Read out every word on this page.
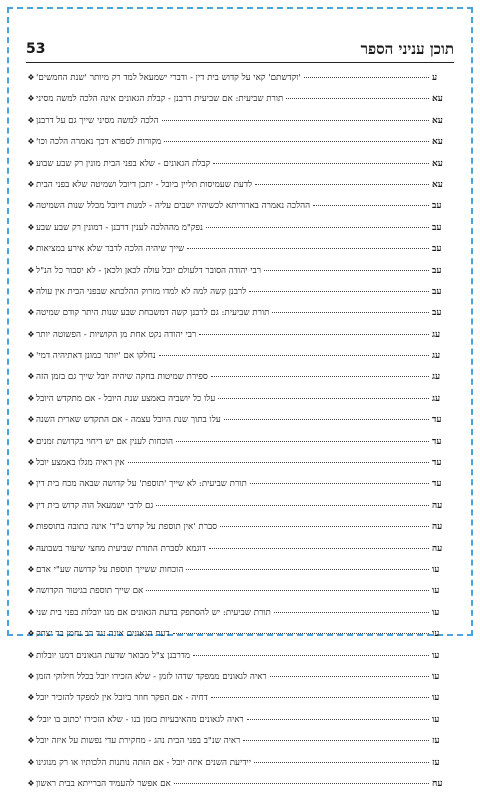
53	תוכן עניני הספר
❖ 'וקדשתם' קאי על קדוש בית דין - ודברי ישמעאל למד רק מיותר 'שנת החמשים'	ע
❖ תורת שביעית: אם שביעית דרבנן - קבלת הגאונים אינה הלכה למשה מסיני	עא
❖ הלכה למשה מסיני שייך גם על דרבנן	עא
❖ מקורות לספרא דכך נאמרה הלכה וכו'	עא
❖ קבלת הגאונים - שלא בפני הבית מונין רק שבע שבוע	עא
❖ לדעת שעמיסות תליין ביובל - יתכן דיובל ושמיטה שלא בפני הבית	עא
❖ ההלכה נאמרה בארוריתא לכשיהיו ישבים עליה - למנות דיובל מכלל שנות השמיטה	עב
❖ נפק"מ מההלכה לענין דרבנן - דמונין רק שבע שבע	עב
❖ שייך שיהיה הלכה לדבר שלא אירע במציאות	עב
❖ רבי יהודה הסובר דלעולם יובל עולה לכאן ולכאן - לא יסבור כל הנ"ל	עב
❖ לרבנן קשה למה לא למדו מזרוק ההלכתא שבפני הבית אין עולה	עב
❖ תורת שביעית: גם לרבנן קשה דמשבחת שבע שנות היתר קודם שמיטה	עב
❖ רבי יהודה נקט אחת מן הקושיות - הפשוטה יותר	עג
❖ נחלקו אם 'יותר כמונן דאתיהיה דמי'	עג
❖ ספירת שמיטות בחקה שיהיה יובל שייך גם בזמן הזה	עג
❖ עלו כל יושביה באמצע שנת היובל - אם מתקדש היובל	עג
❖ עלו בתוך שנת היובל עצמה - אם התקדש שארית השנה	עד
❖ הוכחות לענין אם יש דיחוי בקדושת זמנים	עד
❖ אין ראיה מגלו באמצע יובל	עד
❖ תורת שביעית: לא שייך 'תוספת' על קדושה שבאה מכח בית דין	עד
❖ גם לרבי ישמעאל הוה קדוש בית דין	עה
❖ סברת 'אין תוספת על קדוש ב"ד' אינה כתובה בתוספות	עה
❖ דוגמא לסברת התורת שביעית מחצי שיעור בשבועה	עה
❖ הוכחות ששייך תוספת על קדושה שע"י אדם	עו
❖ אם שייך תוספת בגיטור הקדושה	עו
❖ תורת שביעית: יש להסתפק בדעת הגאונים אם מנו יובלות בפני בית שני	עו
❖ דעת הגאונים אינה נגד רב נחמן בר יצחק	עו
❖ מדרבנן צ"ל מבואר שדעת הגאונים דמנו יובלות	עו
❖ ראיה לגאונים ממפקד שדהו לזמן - שלא הזכירו יובל בכלל חילוקי הזמן	עו
❖ דחיה - אם הפקר חוזר ביובל אין למפקד להזכיר יובל	עו
❖ ראיה לגאונים מהאיבעיות בזמן בנו - שלא הזכירו 'כתוב בו יובל'	עו
❖ ראיה שנ"ב בפני הבית נהג - מחקירת עדי נפשות על איזה יובל	עז
❖ יידיעת השנים איזה יובל - אם הזתה נותנות הלכותיו או רק מנוגינו	עז
❖ אם אפשר להעמיד הברייתא בבית ראשון	עח
